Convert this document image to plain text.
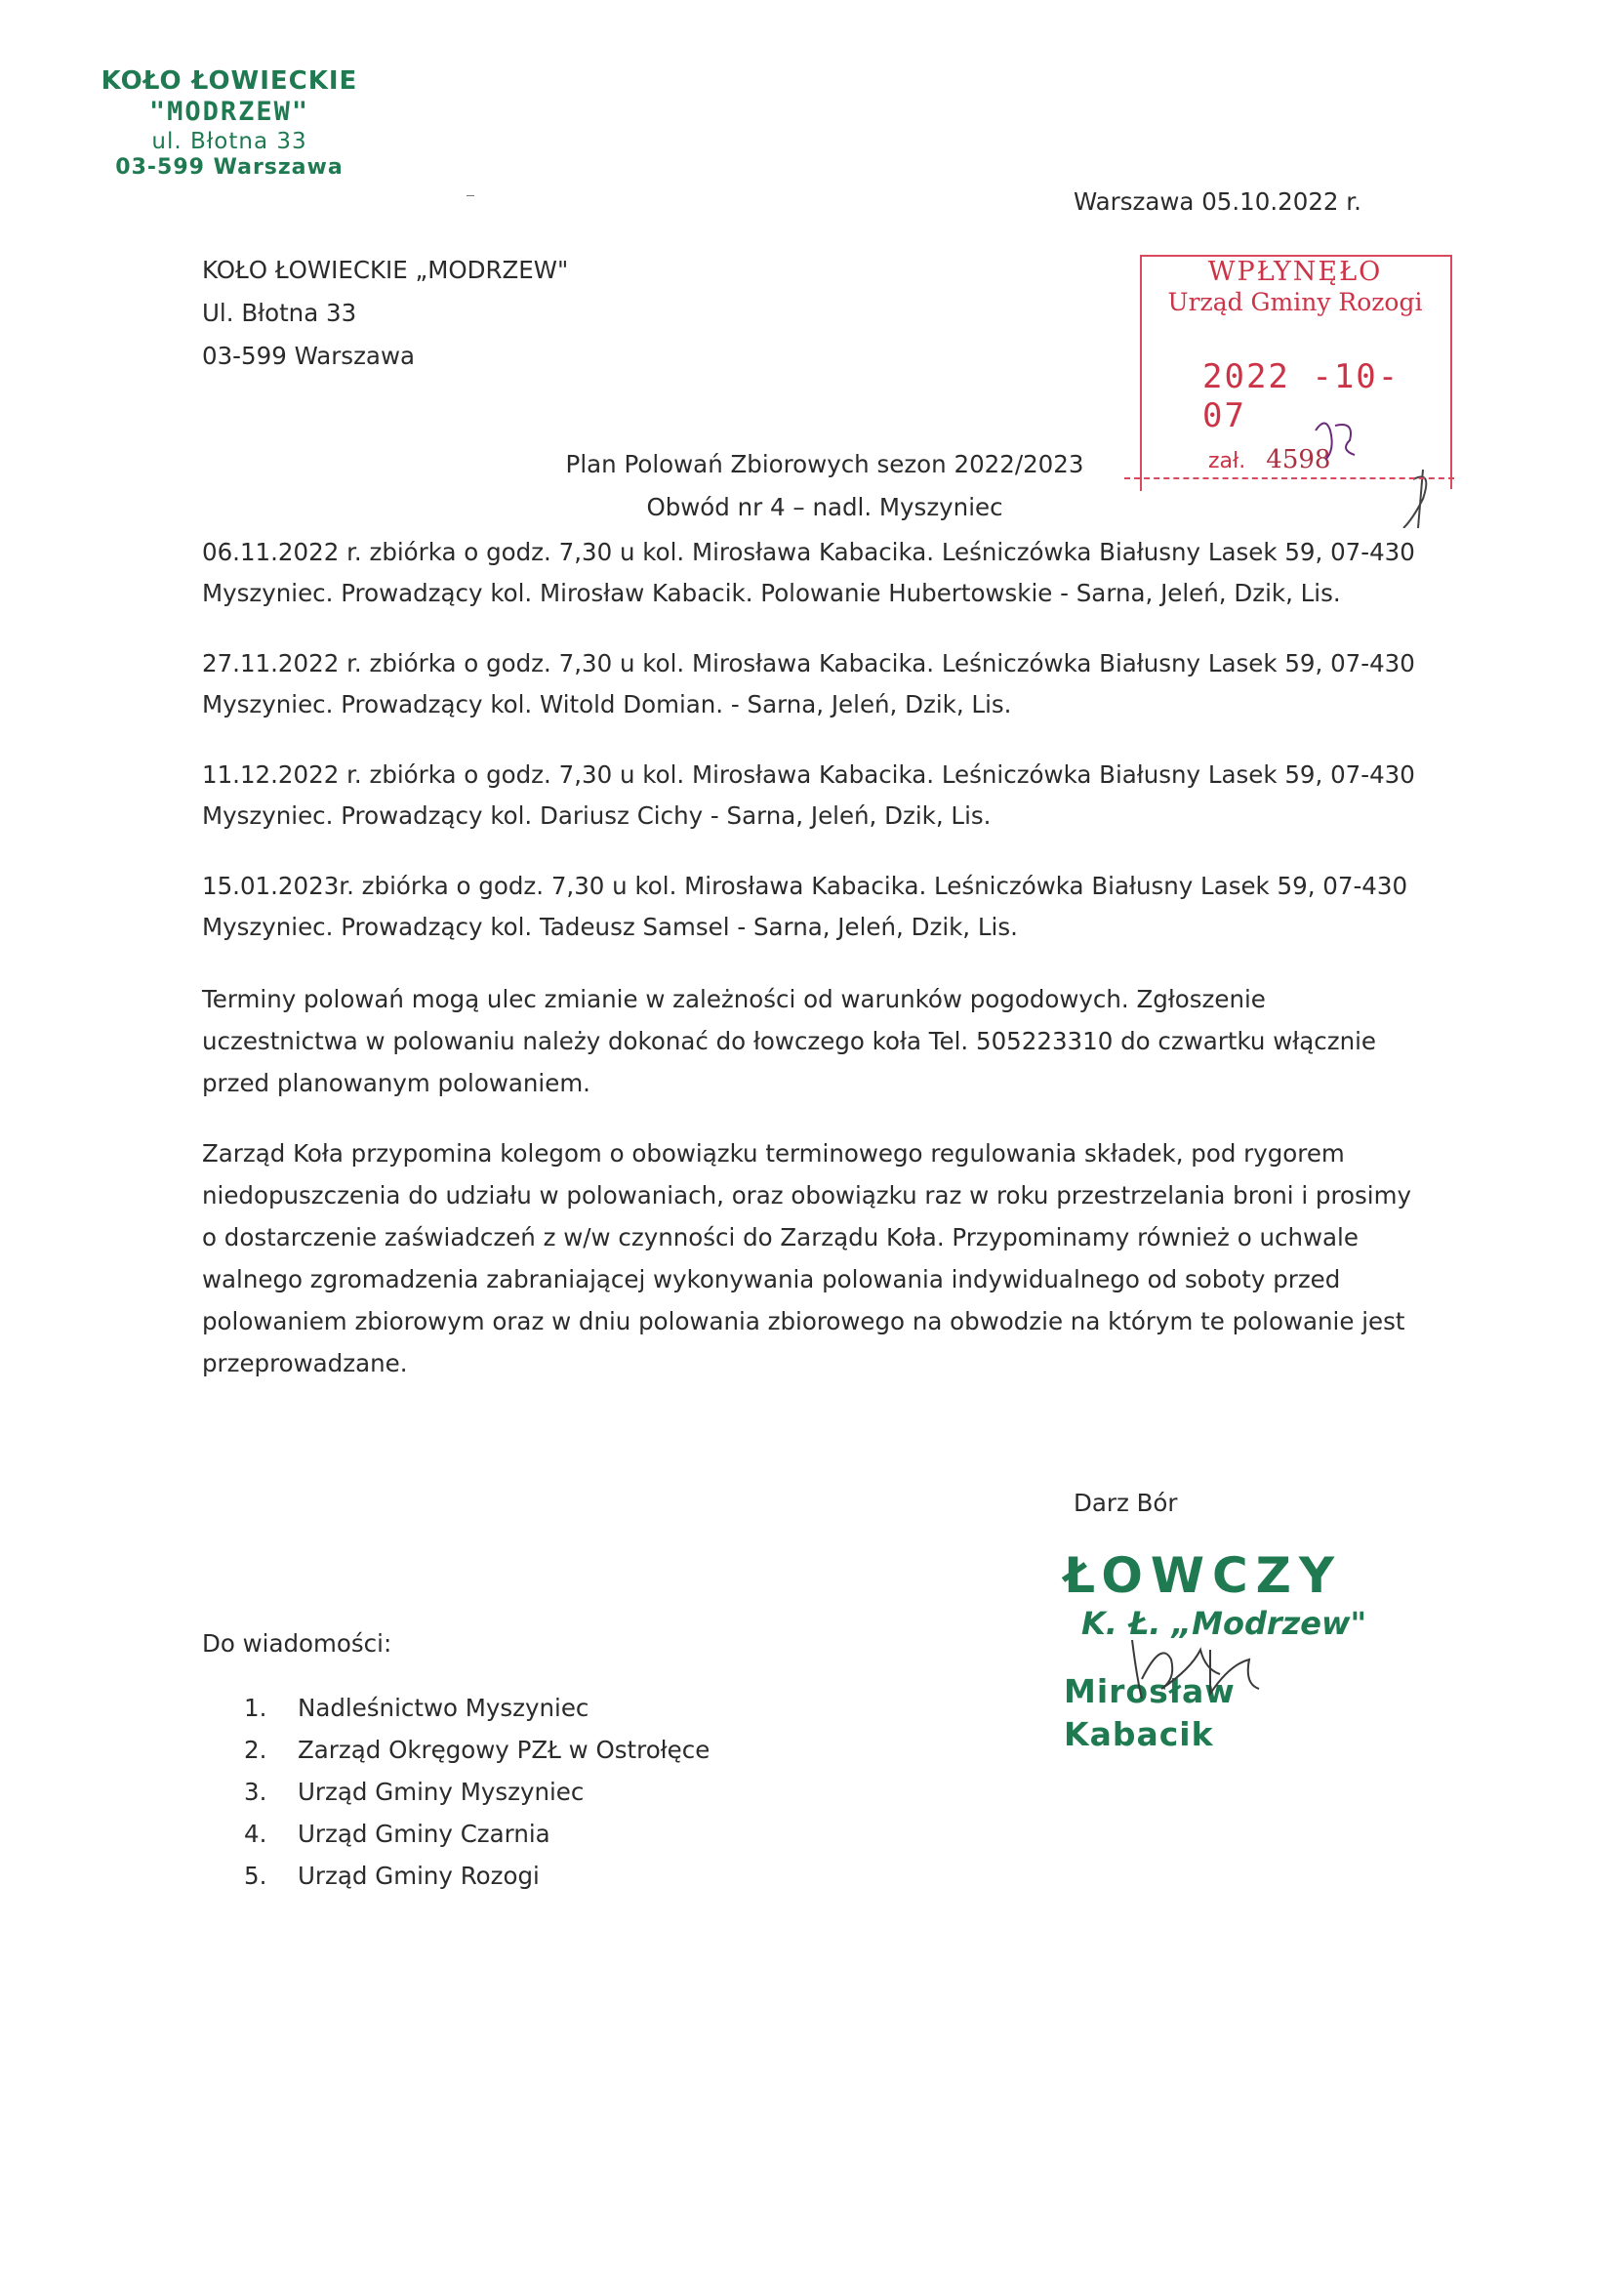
KOŁO ŁOWIECKIE
"MODRZEW"
ul. Błotna 33
03-599 Warszawa
Warszawa 05.10.2022 r.
KOŁO ŁOWIECKIE „MODRZEW"
Ul. Błotna 33
03-599 Warszawa
WPŁYNĘŁO
Urząd Gminy Rozogi
2022 -10- 07
zał. 4598
Plan Polowań Zbiorowych sezon 2022/2023
Obwód nr 4 – nadl. Myszyniec
06.11.2022 r. zbiórka o godz. 7,30 u kol. Mirosława Kabacika. Leśniczówka Białusny Lasek 59, 07-430
Myszyniec. Prowadzący kol. Mirosław Kabacik. Polowanie Hubertowskie - Sarna, Jeleń, Dzik, Lis.
27.11.2022 r. zbiórka o godz. 7,30 u kol. Mirosława Kabacika. Leśniczówka Białusny Lasek 59, 07-430
Myszyniec. Prowadzący kol. Witold Domian. - Sarna, Jeleń, Dzik, Lis.
11.12.2022 r. zbiórka o godz. 7,30 u kol. Mirosława Kabacika. Leśniczówka Białusny Lasek 59, 07-430
Myszyniec. Prowadzący kol. Dariusz Cichy - Sarna, Jeleń, Dzik, Lis.
15.01.2023r. zbiórka o godz. 7,30 u kol. Mirosława Kabacika. Leśniczówka Białusny Lasek 59, 07-430
Myszyniec. Prowadzący kol. Tadeusz Samsel - Sarna, Jeleń, Dzik, Lis.
Terminy polowań mogą ulec zmianie w zależności od warunków pogodowych. Zgłoszenie
uczestnictwa w polowaniu należy dokonać do łowczego koła Tel. 505223310 do czwartku włącznie
przed planowanym polowaniem.
Zarząd Koła przypomina kolegom o obowiązku terminowego regulowania składek, pod rygorem
niedopuszczenia do udziału w polowaniach, oraz obowiązku raz w roku przestrzelania broni i prosimy
o dostarczenie zaświadczeń z w/w czynności do Zarządu Koła. Przypominamy również o uchwale
walnego zgromadzenia zabraniającej wykonywania polowania indywidualnego od soboty przed
polowaniem zbiorowym oraz w dniu polowania zbiorowego na obwodzie na którym te polowanie jest
przeprowadzane.
Darz Bór
ŁOWCZY
K. Ł. „Modrzew"
Mirosław Kabacik
Do wiadomości:
1. Nadleśnictwo Myszyniec
2. Zarząd Okręgowy PZŁ w Ostrołęce
3. Urząd Gminy Myszyniec
4. Urząd Gminy Czarnia
5. Urząd Gminy Rozogi
